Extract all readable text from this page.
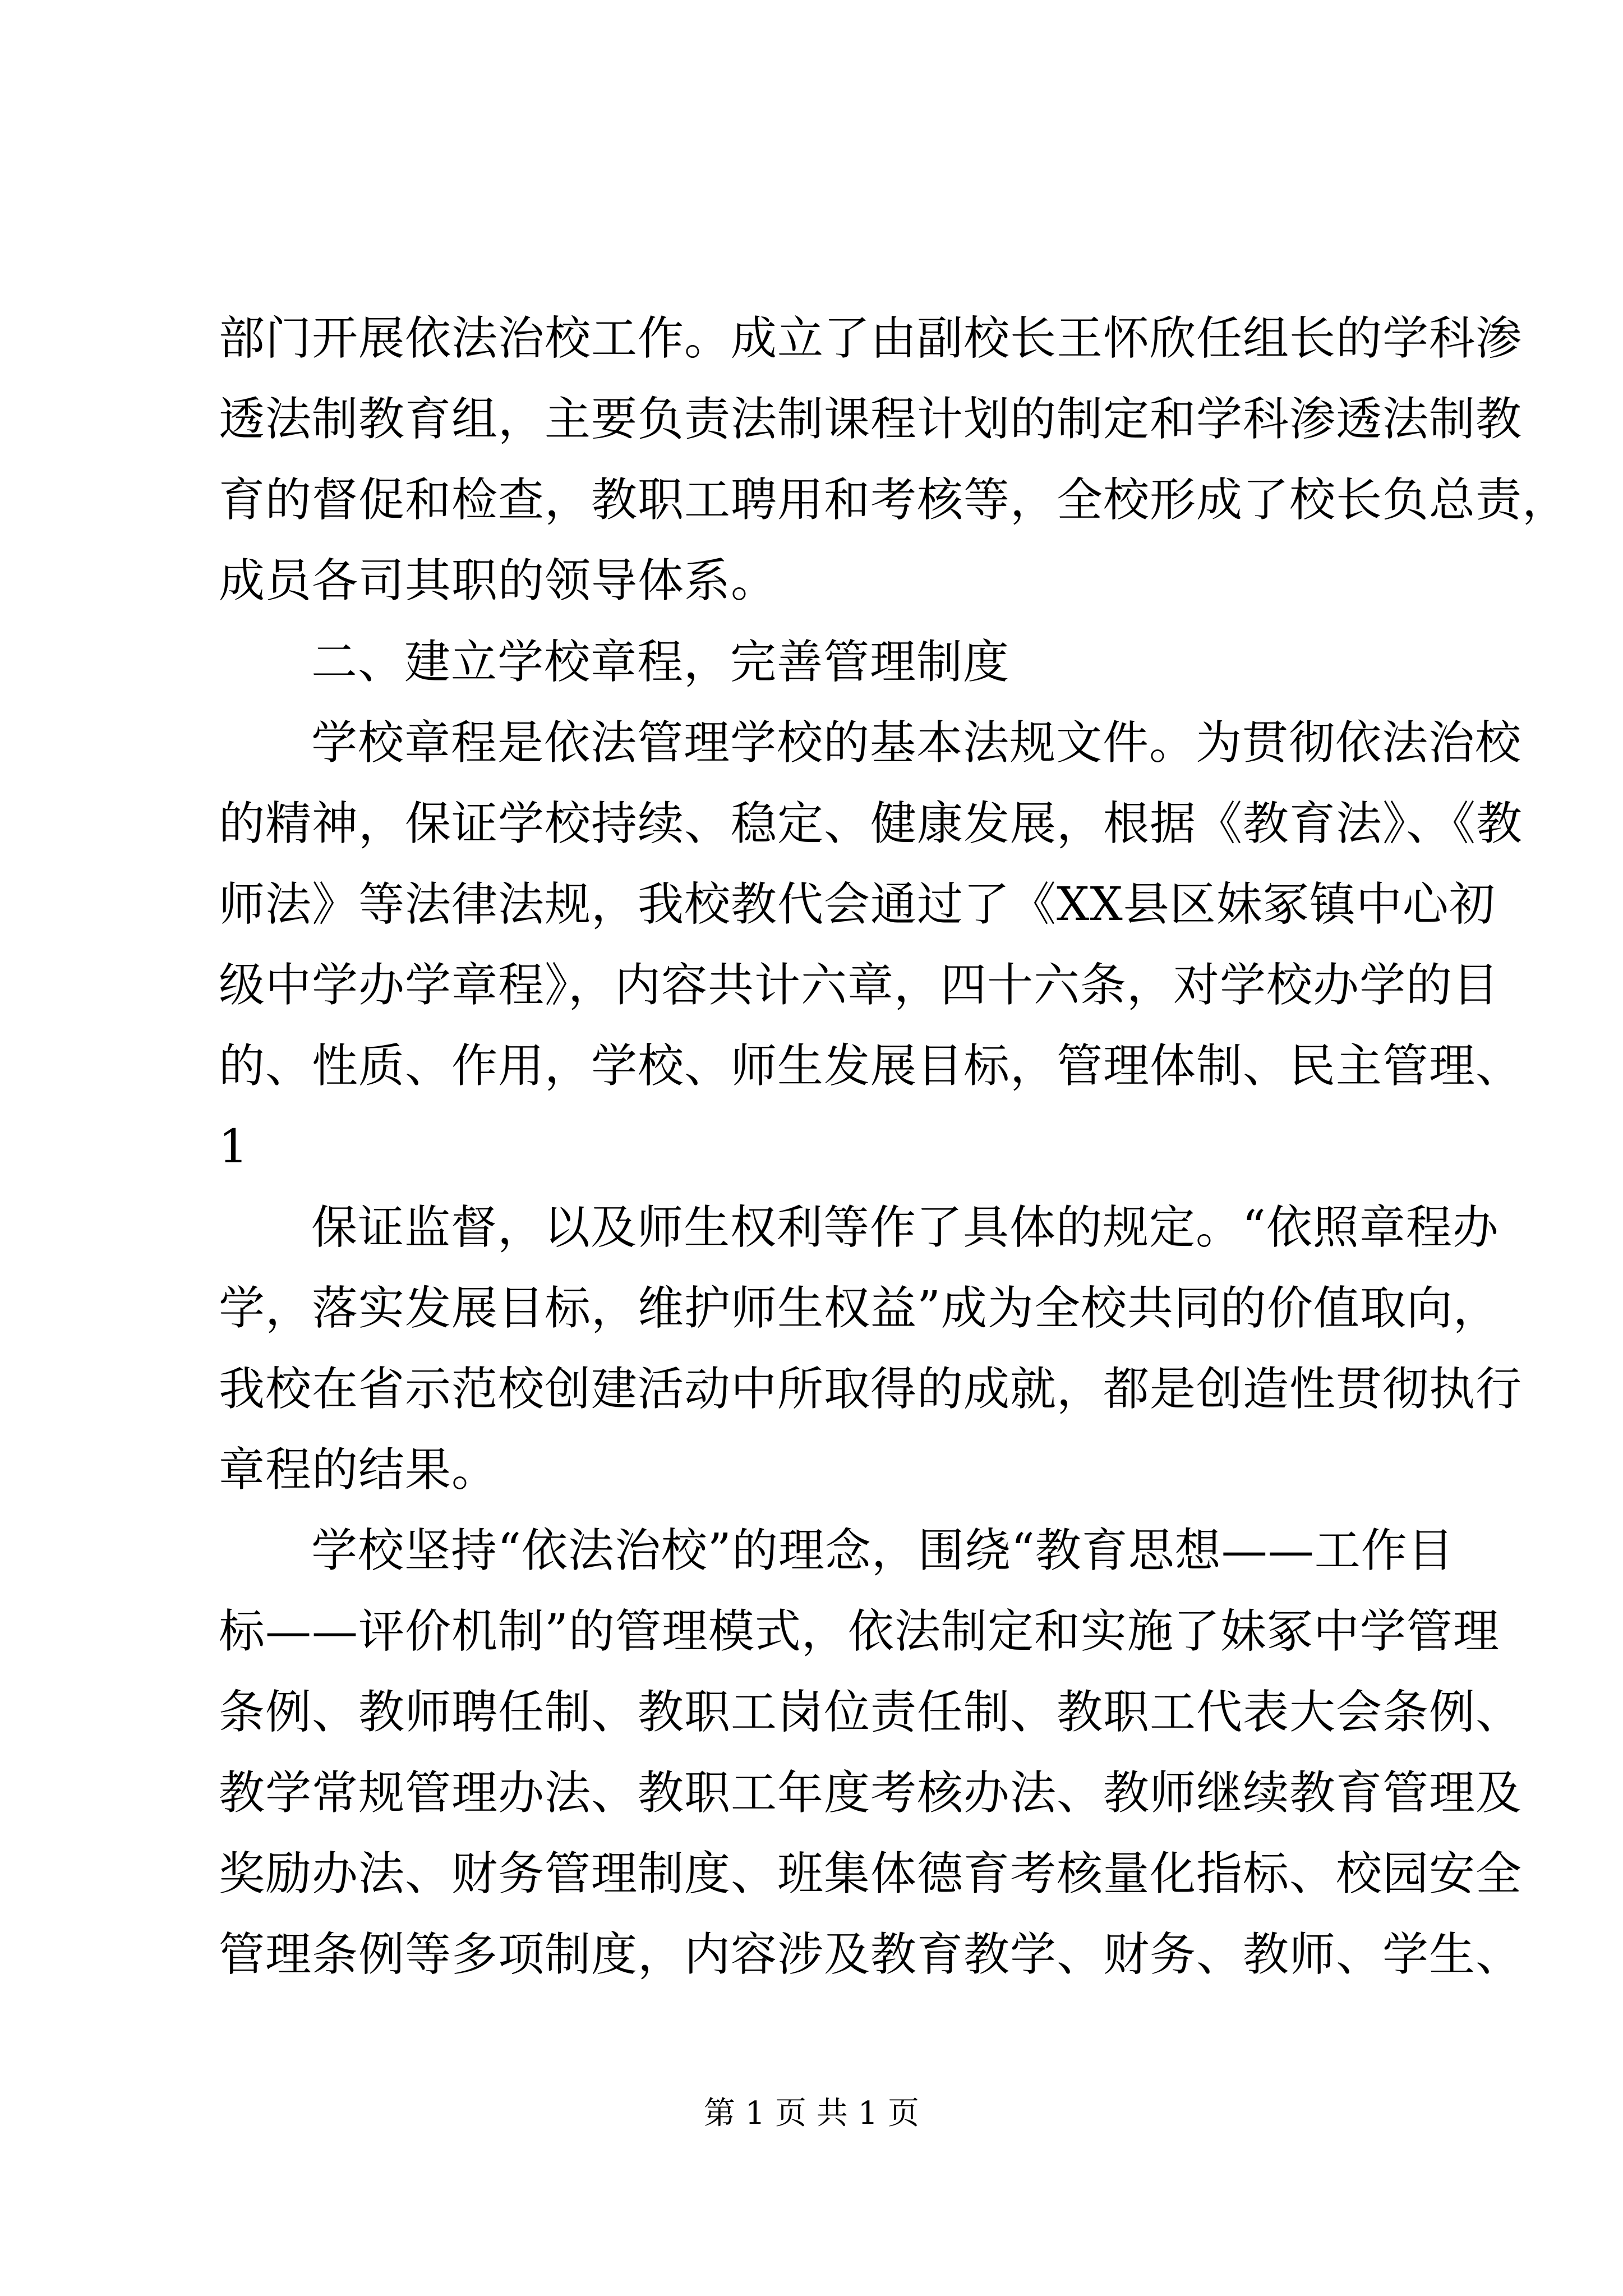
部门开展依法治校工作。成立了由副校长王怀欣任组长的学科渗
透法制教育组，主要负责法制课程计划的制定和学科渗透法制教
育的督促和检查，教职工聘用和考核等，全校形成了校长负总责，
成员各司其职的领导体系。
二、建立学校章程，完善管理制度
学校章程是依法管理学校的基本法规文件。为贯彻依法治校
的精神，保证学校持续、稳定、健康发展，根据《教育法》、《教
师法》等法律法规，我校教代会通过了《XX县区妹冢镇中心初
级中学办学章程》，内容共计六章，四十六条，对学校办学的目
的、性质、作用，学校、师生发展目标，管理体制、民主管理、
1
保证监督，以及师生权利等作了具体的规定。“依照章程办
学，落实发展目标，维护师生权益”成为全校共同的价值取向，
我校在省示范校创建活动中所取得的成就，都是创造性贯彻执行
章程的结果。
学校坚持“依法治校”的理念，围绕“教育思想——工作目
标——评价机制”的管理模式，依法制定和实施了妹冢中学管理
条例、教师聘任制、教职工岗位责任制、教职工代表大会条例、
教学常规管理办法、教职工年度考核办法、教师继续教育管理及
奖励办法、财务管理制度、班集体德育考核量化指标、校园安全
管理条例等多项制度，内容涉及教育教学、财务、教师、学生、
第 1 页 共 1 页
